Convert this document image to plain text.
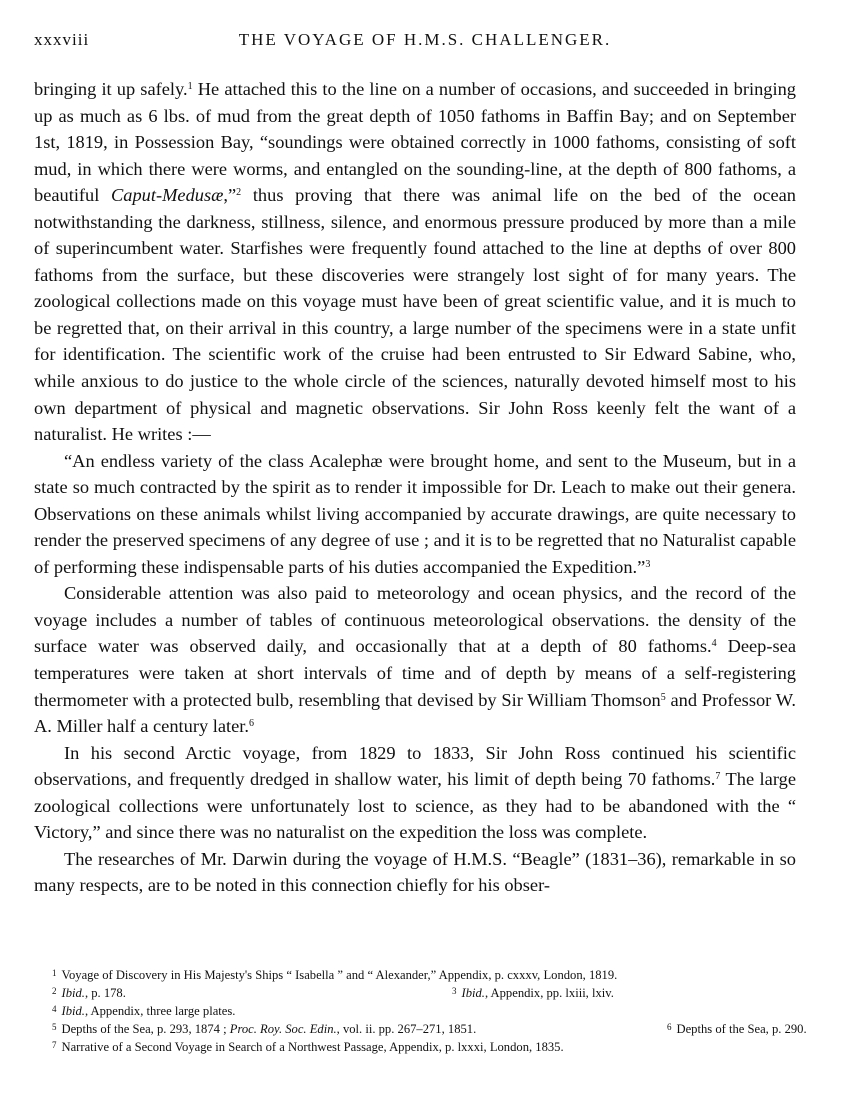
xxxviii	THE VOYAGE OF H.M.S. CHALLENGER.

bringing it up safely.$^1$ He attached this to the line on a number of occasions, and succeeded in bringing up as much as 6 lbs. of mud from the great depth of 1050 fathoms in Baffin Bay; and on September 1st, 1819, in Possession Bay, “soundings were obtained correctly in 1000 fathoms, consisting of soft mud, in which there were worms, and entangled on the sounding-line, at the depth of 800 fathoms, a beautiful Caput-Medusæ,”$^2$ thus proving that there was animal life on the bed of the ocean notwithstanding the darkness, stillness, silence, and enormous pressure produced by more than a mile of superincumbent water. Starfishes were frequently found attached to the line at depths of over 800 fathoms from the surface, but these discoveries were strangely lost sight of for many years. The zoological collections made on this voyage must have been of great scientific value, and it is much to be regretted that, on their arrival in this country, a large number of the specimens were in a state unfit for identification. The scientific work of the cruise had been entrusted to Sir Edward Sabine, who, while anxious to do justice to the whole circle of the sciences, naturally devoted himself most to his own department of physical and magnetic observations. Sir John Ross keenly felt the want of a naturalist. He writes :—

“An endless variety of the class Acalephæ were brought home, and sent to the Museum, but in a state so much contracted by the spirit as to render it impossible for Dr. Leach to make out their genera. Observations on these animals whilst living accompanied by accurate drawings, are quite necessary to render the preserved specimens of any degree of use ; and it is to be regretted that no Naturalist capable of performing these indispensable parts of his duties accompanied the Expedition.”$^3$

Considerable attention was also paid to meteorology and ocean physics, and the record of the voyage includes a number of tables of continuous meteorological observations. the density of the surface water was observed daily, and occasionally that at a depth of 80 fathoms.$^4$ Deep-sea temperatures were taken at short intervals of time and of depth by means of a self-registering thermometer with a protected bulb, resembling that devised by Sir William Thomson$^5$ and Professor W. A. Miller half a century later.$^6$

In his second Arctic voyage, from 1829 to 1833, Sir John Ross continued his scientific observations, and frequently dredged in shallow water, his limit of depth being 70 fathoms.$^7$ The large zoological collections were unfortunately lost to science, as they had to be abandoned with the “ Victory,” and since there was no naturalist on the expedition the loss was complete.

The researches of Mr. Darwin during the voyage of H.M.S. “Beagle” (1831–36), remarkable in so many respects, are to be noted in this connection chiefly for his obser-

$^1$ Voyage of Discovery in His Majesty's Ships “ Isabella ” and “ Alexander,” Appendix, p. cxxxv, London, 1819.
$^2$ Ibid., p. 178.	$^3$ Ibid., Appendix, pp. lxiii, lxiv.
$^4$ Ibid., Appendix, three large plates.
$^5$ Depths of the Sea, p. 293, 1874 ; Proc. Roy. Soc. Edin., vol. ii. pp. 267–271, 1851.	$^6$ Depths of the Sea, p. 290.
$^7$ Narrative of a Second Voyage in Search of a Northwest Passage, Appendix, p. lxxxi, London, 1835.
